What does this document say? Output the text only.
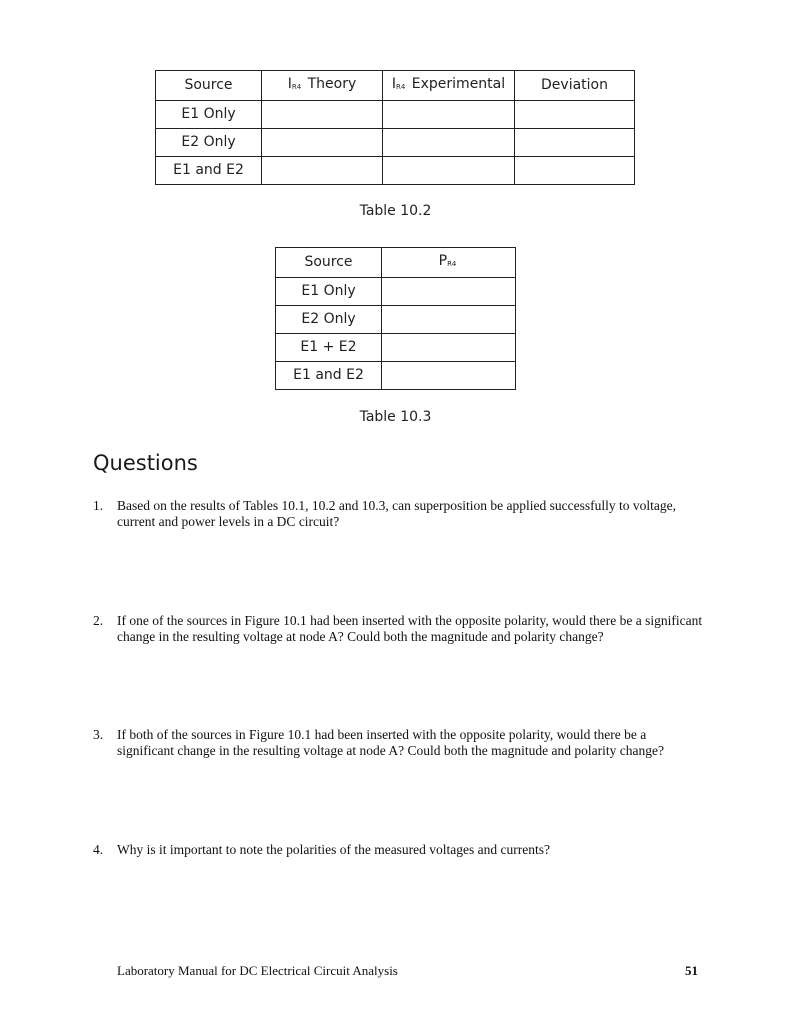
Source	$I_{R4}$ Theory	$I_{R4}$ Experimental	Deviation
E1 Only			
E2 Only			
E1 and E2			
Table 10.2
Source	$P_{R4}$
E1 Only	
E2 Only	
E1 + E2	
E1 and E2	
Table 10.3
Questions
1. Based on the results of Tables 10.1, 10.2 and 10.3, can superposition be applied successfully to voltage, current and power levels in a DC circuit?
2. If one of the sources in Figure 10.1 had been inserted with the opposite polarity, would there be a significant change in the resulting voltage at node A? Could both the magnitude and polarity change?
3. If both of the sources in Figure 10.1 had been inserted with the opposite polarity, would there be a significant change in the resulting voltage at node A? Could both the magnitude and polarity change?
4. Why is it important to note the polarities of the measured voltages and currents?
Laboratory Manual for DC Electrical Circuit Analysis	51
